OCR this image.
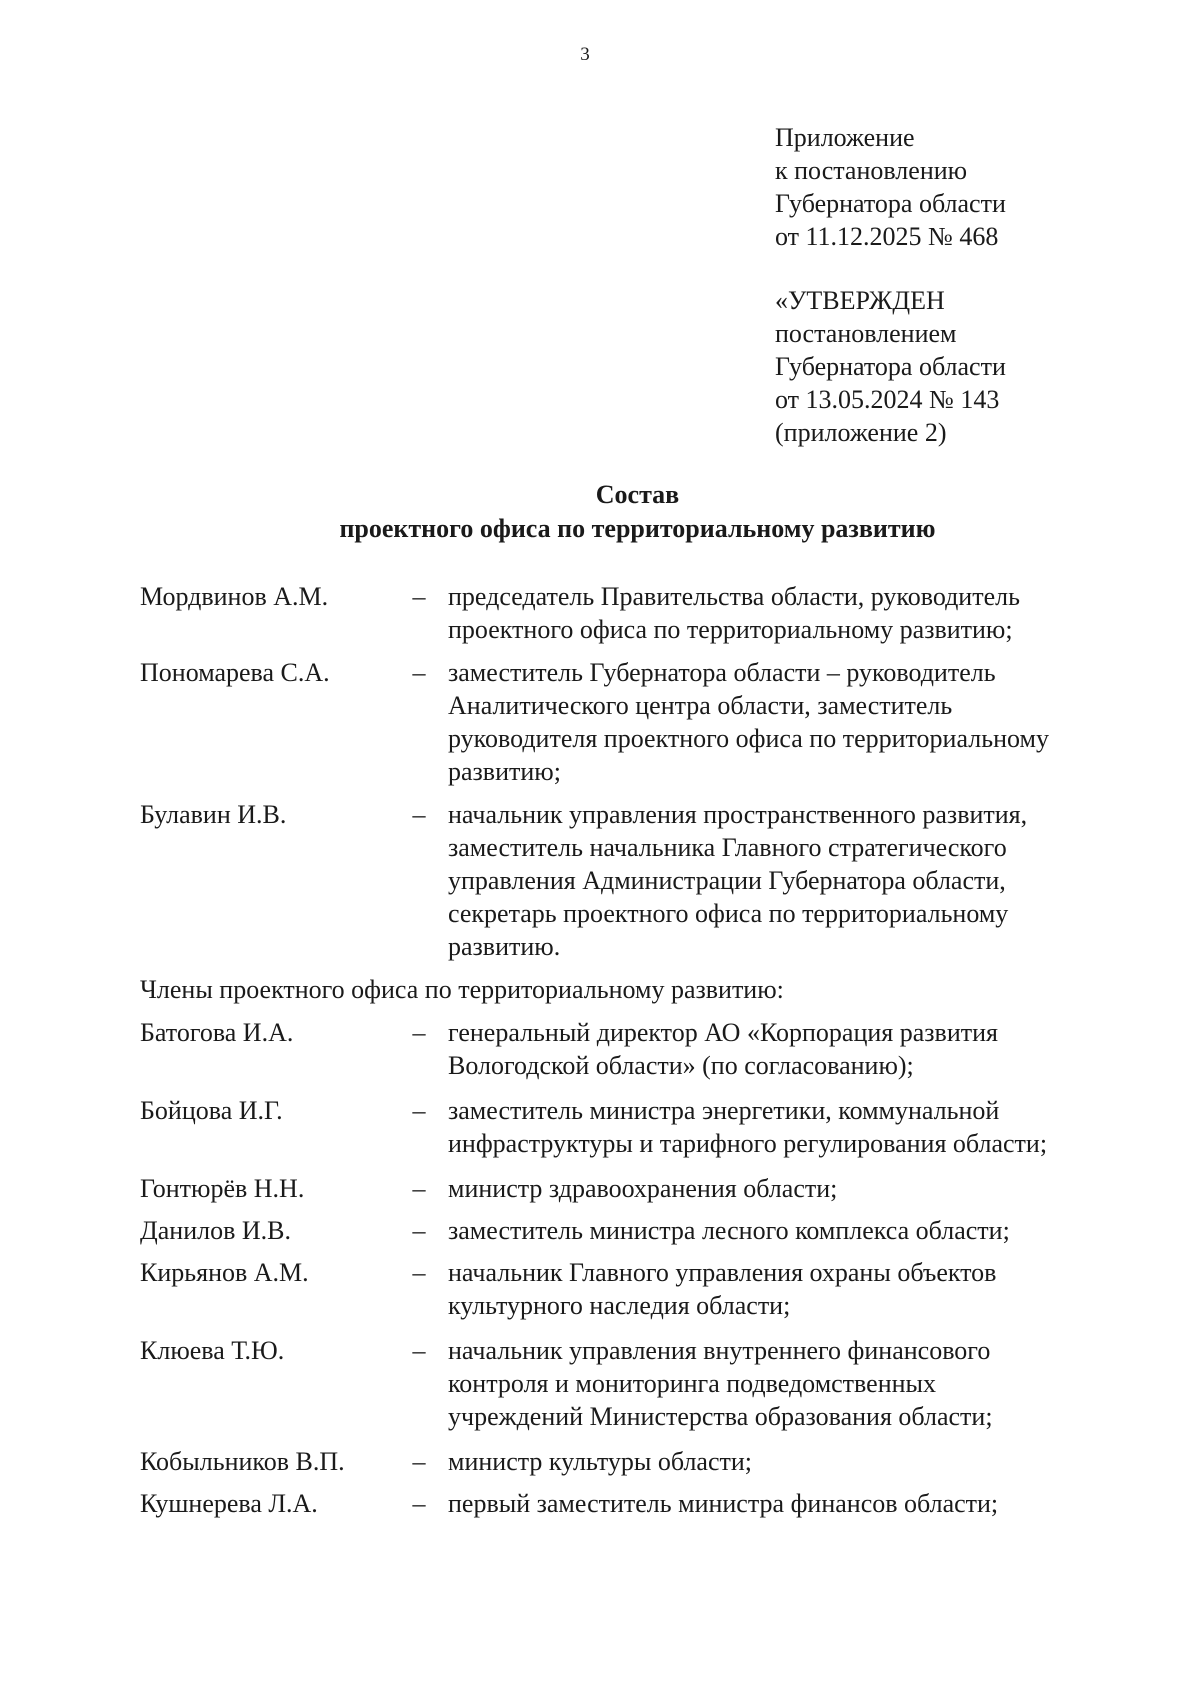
3
Приложение
к постановлению
Губернатора области
от 11.12.2025 № 468
«УТВЕРЖДЕН
постановлением
Губернатора области
от 13.05.2024 № 143
(приложение 2)
Состав
проектного офиса по территориальному развитию
Мордвинов А.М.	– председатель Правительства области, руководитель
проектного офиса по территориальному развитию;
Пономарева С.А.	– заместитель Губернатора области – руководитель
Аналитического центра области, заместитель
руководителя проектного офиса по территориальному
развитию;
Булавин И.В.	– начальник управления пространственного развития,
заместитель начальника Главного стратегического
управления Администрации Губернатора области,
секретарь проектного офиса по территориальному
развитию.
Члены проектного офиса по территориальному развитию:
Батогова И.А.	– генеральный директор АО «Корпорация развития
Вологодской области» (по согласованию);
Бойцова И.Г.	– заместитель министра энергетики, коммунальной
инфраструктуры и тарифного регулирования области;
Гонтюрёв Н.Н.	– министр здравоохранения области;
Данилов И.В.	– заместитель министра лесного комплекса области;
Кирьянов А.М.	– начальник Главного управления охраны объектов
культурного наследия области;
Клюева Т.Ю.	– начальник управления внутреннего финансового
контроля и мониторинга подведомственных
учреждений Министерства образования области;
Кобыльников В.П.	– министр культуры области;
Кушнерева Л.А.	– первый заместитель министра финансов области;
